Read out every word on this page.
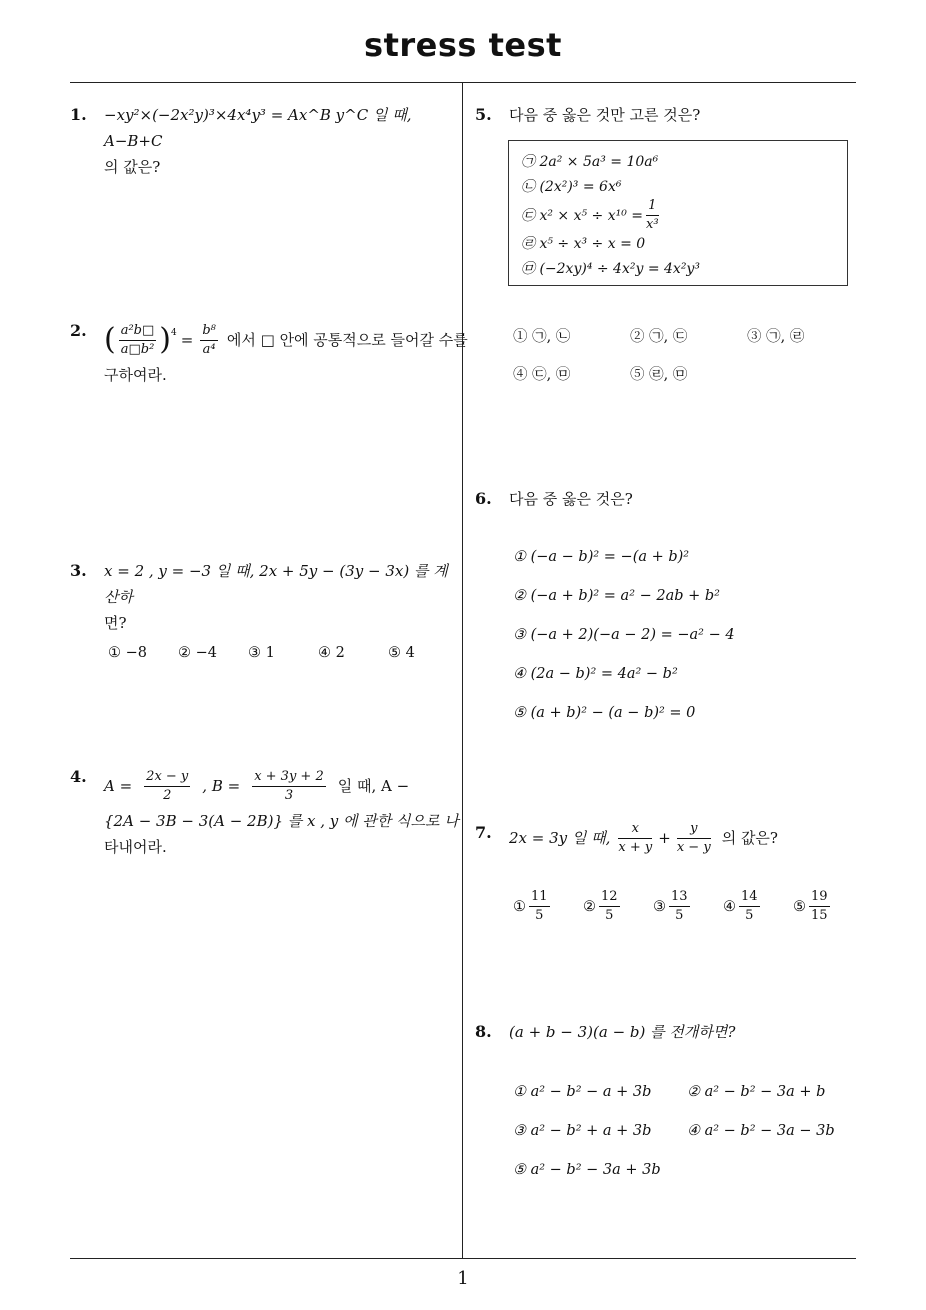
stress test
1
1. −xy²×(−2x²y)³×4x⁴y³ = Ax^B y^C 일 때, A−B+C
의 값은?
2. ( $\frac{\text{a²b□}}{\text{a□b²}} )^4 = \frac{\text{b⁸}}{\text{a⁴}}$ 에서 □ 안에 공통적으로 들어갈 수를
구하여라.
3. x = 2 , y = −3 일 때, 2x + 5y − (3y − 3x) 를 계산하
면?
① −8 ② −4 ③ 1	④ 2	⑤ 4
4. $A = \frac{2x - y}{2}$ , $B = \frac{x + 3y + 2}{3}$ 일 때, A −
{2A − 3B − 3(A − 2B)} 를 x , y 에 관한 식으로 나
타내어라.
5. 다음 중 옳은 것만 고른 것은?
㉠ 2a² × 5a³ = 10a⁶
㉡ (2x²)³ = 6x⁶
㉢ $x^2 \times x^5 \div x^{10} = \frac{1}{\text{x³}}$
㉣ x⁵ ÷ x³ ÷ x = 0
㉤ (−2xy)⁴ ÷ 4x²y = 4x²y³
① ㉠, ㉡	② ㉠, ㉢	③ ㉠, ㉣
④ ㉢, ㉤	⑤ ㉣, ㉤
6. 다음 중 옳은 것은?
① (−a − b)² = −(a + b)²
② (−a + b)² = a² − 2ab + b²
③ (−a + 2)(−a − 2) = −a² − 4
④ (2a − b)² = 4a² − b²
⑤ (a + b)² − (a − b)² = 0
7. 2x = 3y 일 때, $\frac{x}{x + y} + \frac{y}{x - y}$ 의 값은?
① $\frac{11}{5}$ ② $\frac{12}{5}$ ③ $\frac{13}{5}$ ④ $\frac{14}{5}$ ⑤ $\frac{19}{15}$
8. (a + b − 3)(a − b) 를 전개하면?
① a² − b² − a + 3b ② a² − b² − 3a + b
③ a² − b² + a + 3b ④ a² − b² − 3a − 3b
⑤ a² − b² − 3a + 3b
